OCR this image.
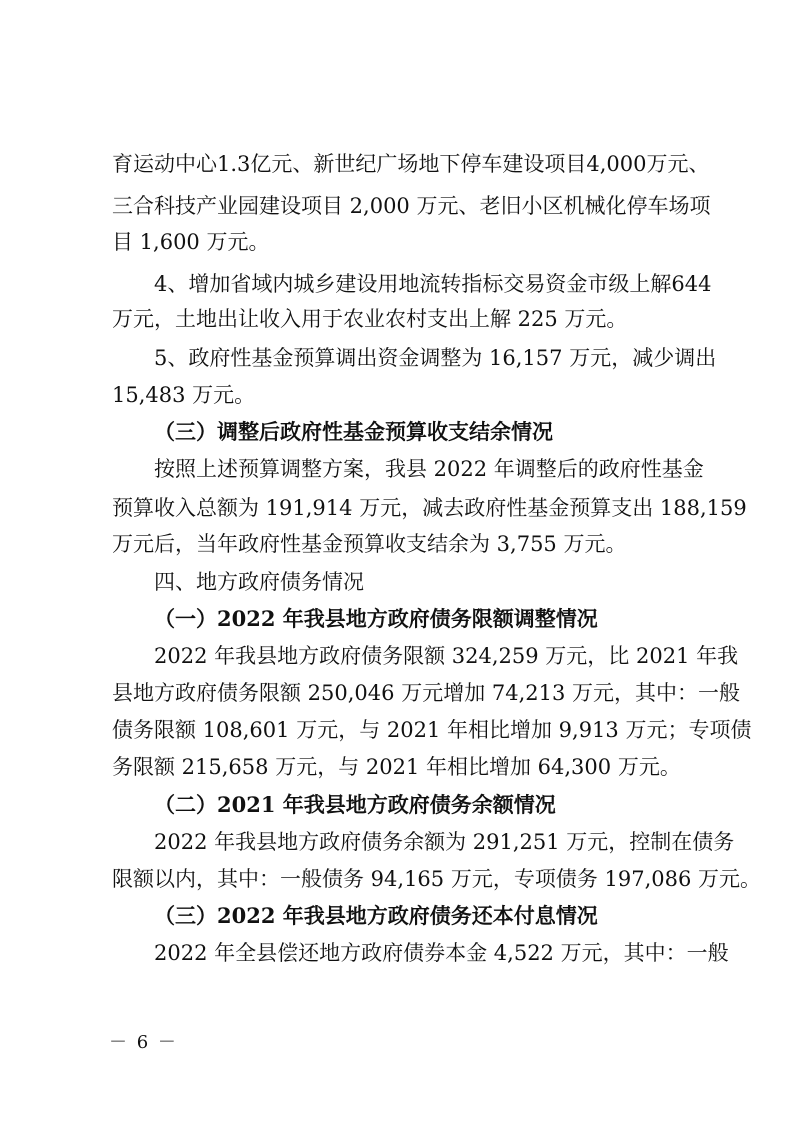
育运动中心1.3亿元、新世纪广场地下停车建设项目4,000万元、
三合科技产业园建设项目 2,000 万元、老旧小区机械化停车场项
目 1,600 万元。
4、增加省域内城乡建设用地流转指标交易资金市级上解644
万元，土地出让收入用于农业农村支出上解 225 万元。
5、政府性基金预算调出资金调整为 16,157 万元，减少调出
15,483 万元。
（三）调整后政府性基金预算收支结余情况
按照上述预算调整方案，我县 2022 年调整后的政府性基金
预算收入总额为 191,914 万元，减去政府性基金预算支出 188,159
万元后，当年政府性基金预算收支结余为 3,755 万元。
四、地方政府债务情况
（一）2022 年我县地方政府债务限额调整情况
2022 年我县地方政府债务限额 324,259 万元，比 2021 年我
县地方政府债务限额 250,046 万元增加 74,213 万元，其中：一般
债务限额 108,601 万元，与 2021 年相比增加 9,913 万元；专项债
务限额 215,658 万元，与 2021 年相比增加 64,300 万元。
（二）2021 年我县地方政府债务余额情况
2022 年我县地方政府债务余额为 291,251 万元，控制在债务
限额以内，其中：一般债务 94,165 万元，专项债务 197,086 万元。
（三）2022 年我县地方政府债务还本付息情况
2022 年全县偿还地方政府债券本金 4,522 万元，其中：一般
－ 6 －
